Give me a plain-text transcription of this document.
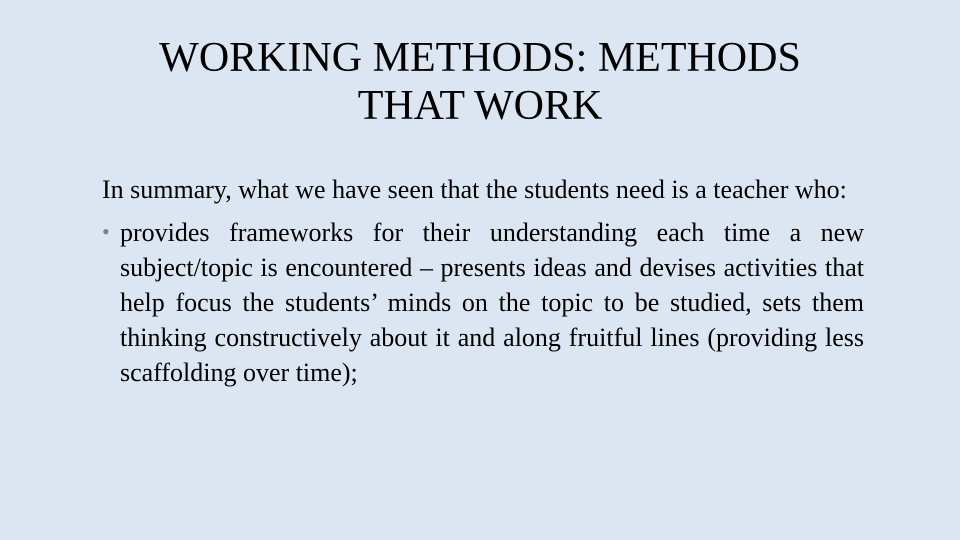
WORKING METHODS: METHODS
THAT WORK

In summary, what we have seen that the students need is a teacher who:

• provides frameworks for their understanding each time a new subject/topic is encountered – presents ideas and devises activities that help focus the students’ minds on the topic to be studied, sets them thinking constructively about it and along fruitful lines (providing less scaffolding over time);
